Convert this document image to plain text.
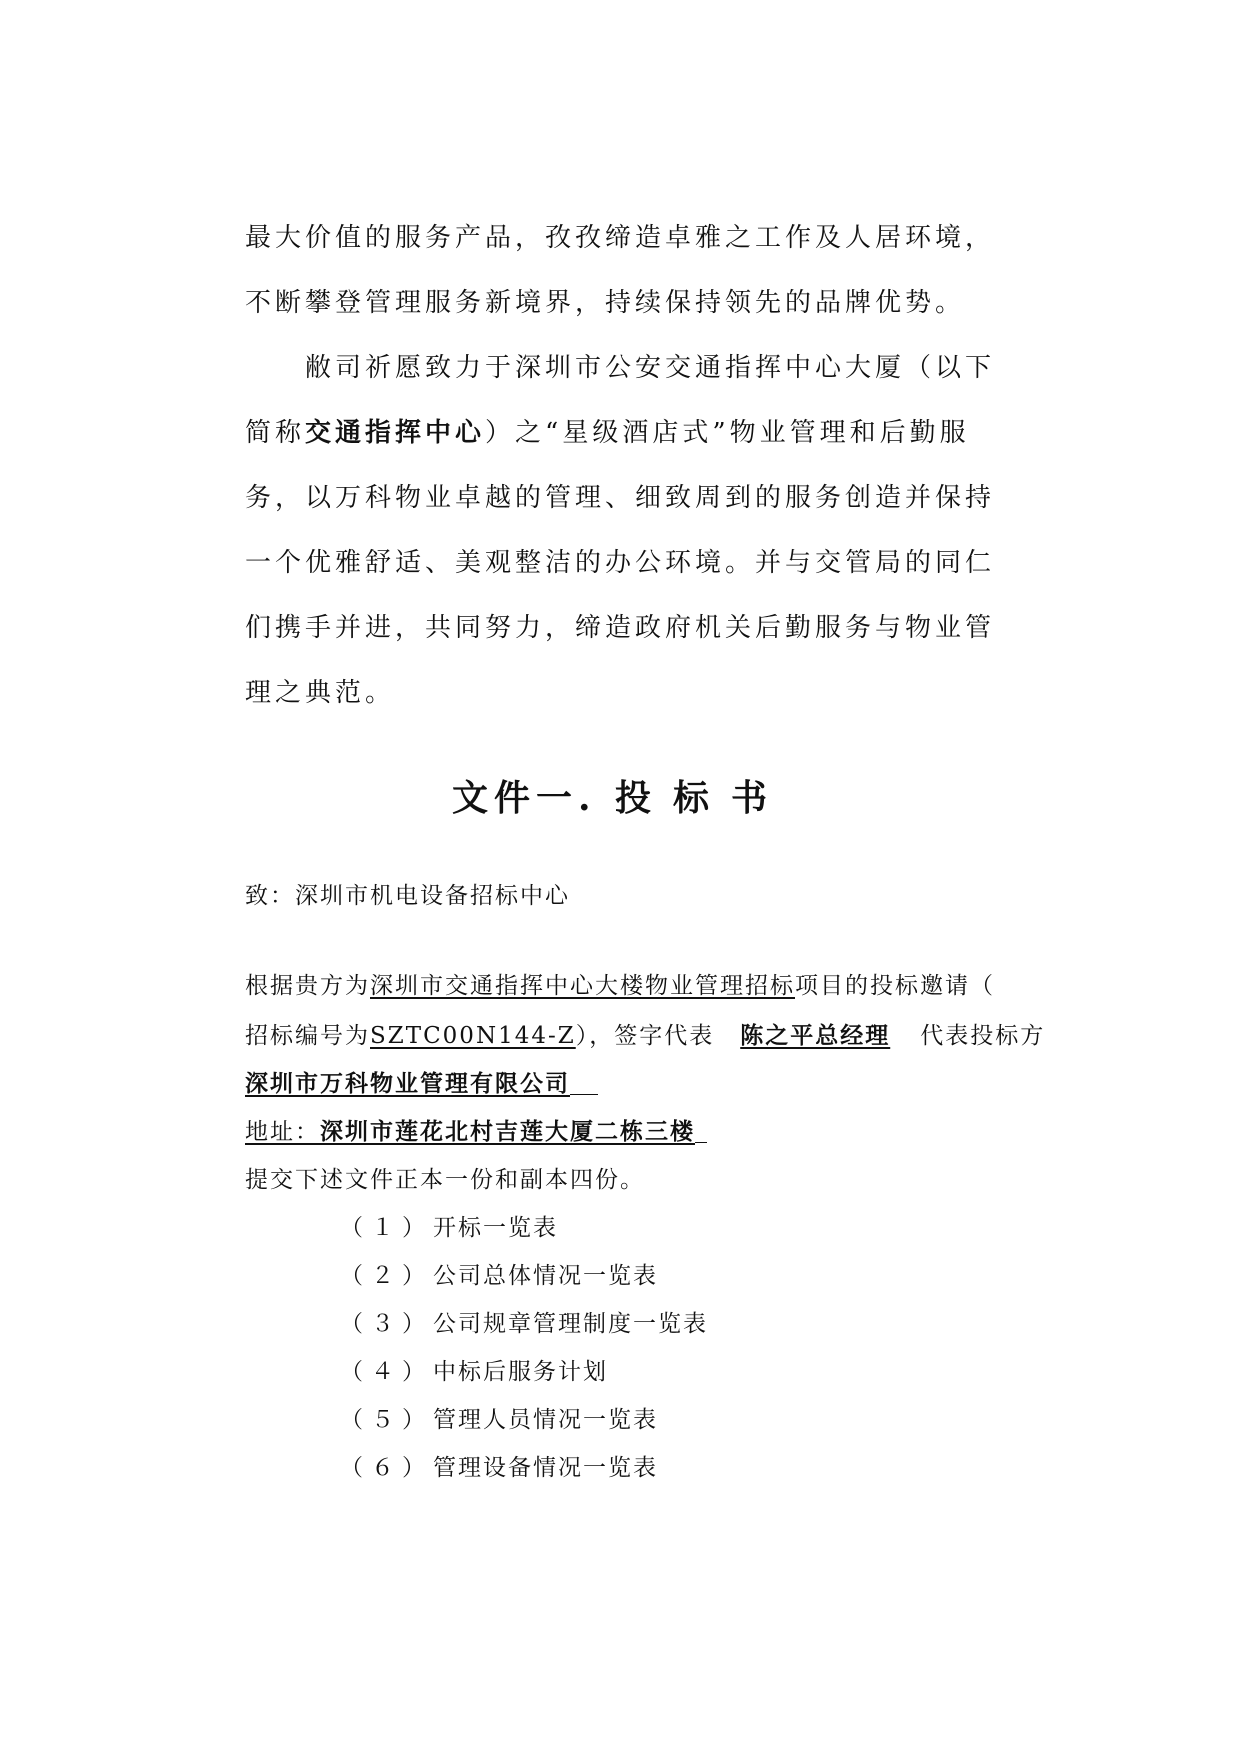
最大价值的服务产品，孜孜缔造卓雅之工作及人居环境，
不断攀登管理服务新境界，持续保持领先的品牌优势。
敝司祈愿致力于深圳市公安交通指挥中心大厦（以下
简称交通指挥中心）之“星级酒店式”物业管理和后勤服
务，以万科物业卓越的管理、细致周到的服务创造并保持
一个优雅舒适、美观整洁的办公环境。并与交管局的同仁
们携手并进，共同努力，缔造政府机关后勤服务与物业管
理之典范。
文件一. 投标书
致：深圳市机电设备招标中心
根据贵方为深圳市交通指挥中心大楼物业管理招标项目的投标邀请（
招标编号为SZTC00N144-Z），签字代表 陈之平总经理 代表投标方
深圳市万科物业管理有限公司
地址：深圳市莲花北村吉莲大厦二栋三楼
提交下述文件正本一份和副本四份。
（１）开标一览表
（２）公司总体情况一览表
（３）公司规章管理制度一览表
（４）中标后服务计划
（５）管理人员情况一览表
（６）管理设备情况一览表
